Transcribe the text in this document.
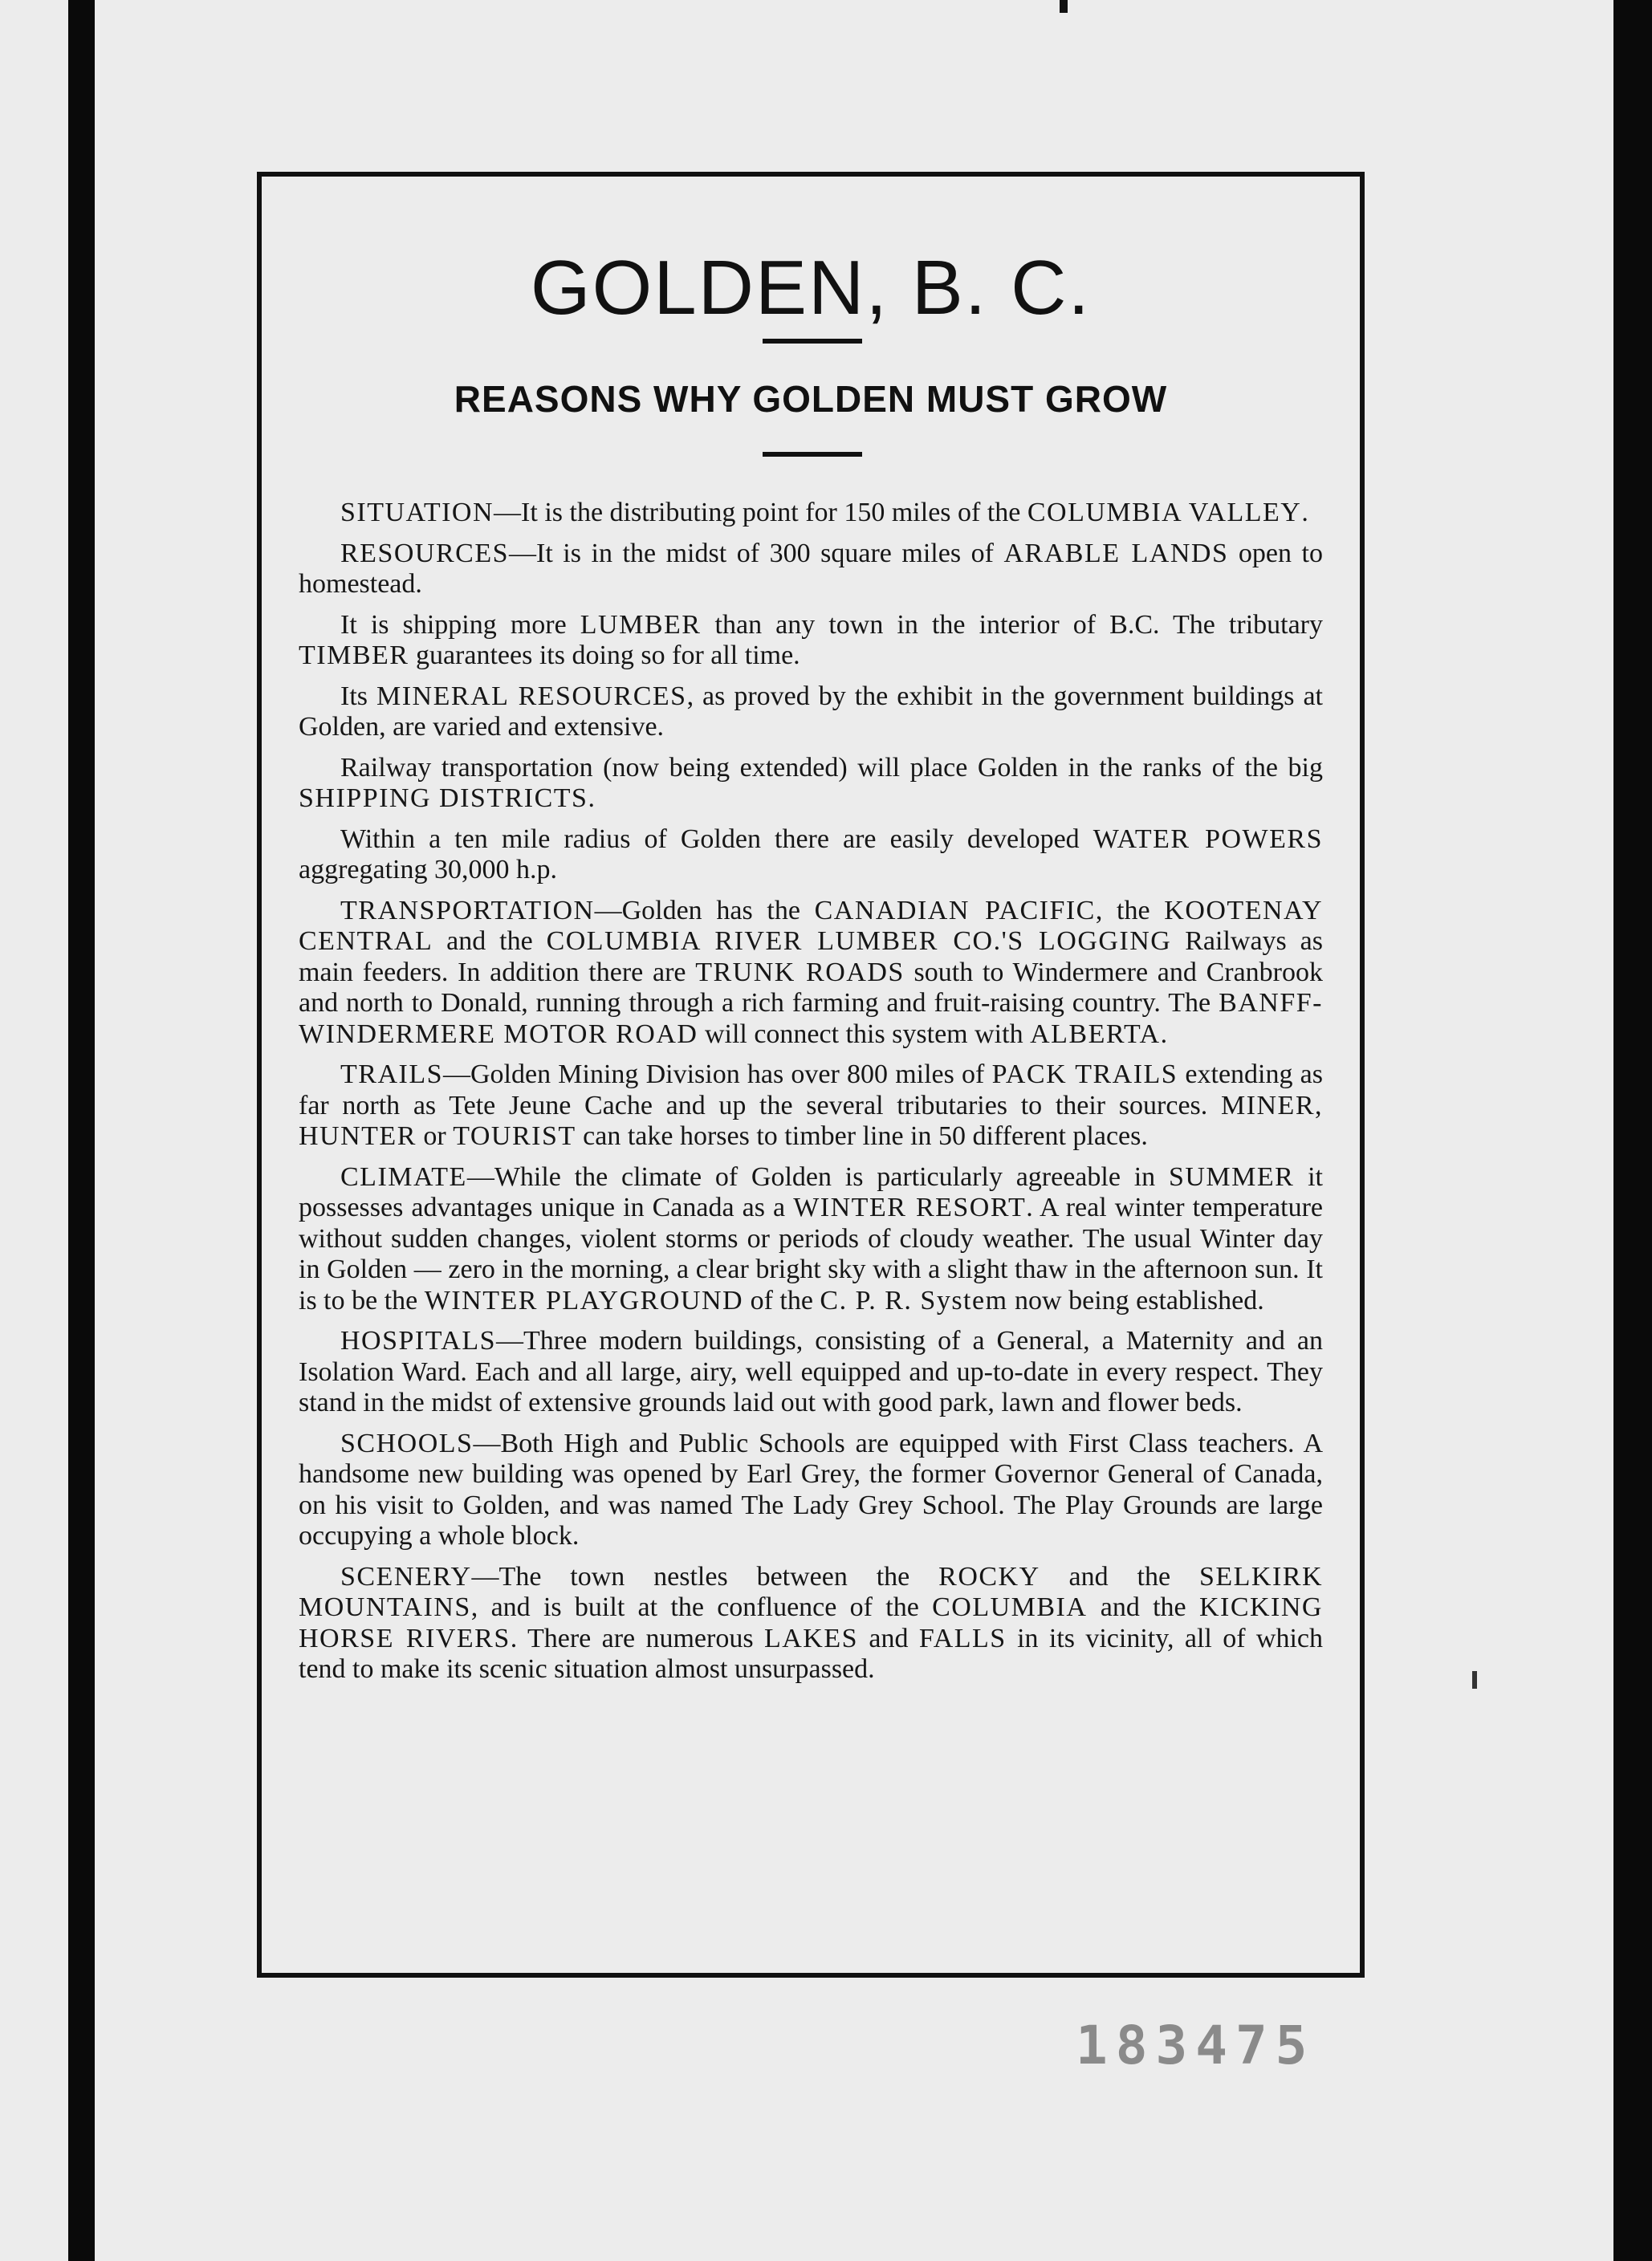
GOLDEN, B. C.
REASONS WHY GOLDEN MUST GROW

SITUATION—It is the distributing point for 150 miles of the COLUMBIA VALLEY.

RESOURCES—It is in the midst of 300 square miles of ARABLE LANDS open to homestead.

It is shipping more LUMBER than any town in the interior of B.C. The tributary TIMBER guarantees its doing so for all time.

Its MINERAL RESOURCES, as proved by the exhibit in the government buildings at Golden, are varied and extensive.

Railway transportation (now being extended) will place Golden in the ranks of the big SHIPPING DISTRICTS.

Within a ten mile radius of Golden there are easily developed WATER POWERS aggregating 30,000 h.p.

TRANSPORTATION—Golden has the CANADIAN PACIFIC, the KOOTENAY CENTRAL and the COLUMBIA RIVER LUMBER CO.'S LOGGING Railways as main feeders. In addition there are TRUNK ROADS south to Windermere and Cranbrook and north to Donald, running through a rich farming and fruit-raising country. The BANFF-WINDERMERE MOTOR ROAD will connect this system with ALBERTA.

TRAILS—Golden Mining Division has over 800 miles of PACK TRAILS extending as far north as Tete Jeune Cache and up the several tributaries to their sources. MINER, HUNTER or TOURIST can take horses to timber line in 50 different places.

CLIMATE—While the climate of Golden is particularly agreeable in SUMMER it possesses advantages unique in Canada as a WINTER RESORT. A real winter temperature without sudden changes, violent storms or periods of cloudy weather. The usual Winter day in Golden — zero in the morning, a clear bright sky with a slight thaw in the afternoon sun. It is to be the WINTER PLAYGROUND of the C. P. R. System now being established.

HOSPITALS—Three modern buildings, consisting of a General, a Maternity and an Isolation Ward. Each and all large, airy, well equipped and up-to-date in every respect. They stand in the midst of extensive grounds laid out with good park, lawn and flower beds.

SCHOOLS—Both High and Public Schools are equipped with First Class teachers. A handsome new building was opened by Earl Grey, the former Governor General of Canada, on his visit to Golden, and was named The Lady Grey School. The Play Grounds are large occupying a whole block.

SCENERY—The town nestles between the ROCKY and the SELKIRK MOUNTAINS, and is built at the confluence of the COLUMBIA and the KICKING HORSE RIVERS. There are numerous LAKES and FALLS in its vicinity, all of which tend to make its scenic situation almost unsurpassed.

183475
